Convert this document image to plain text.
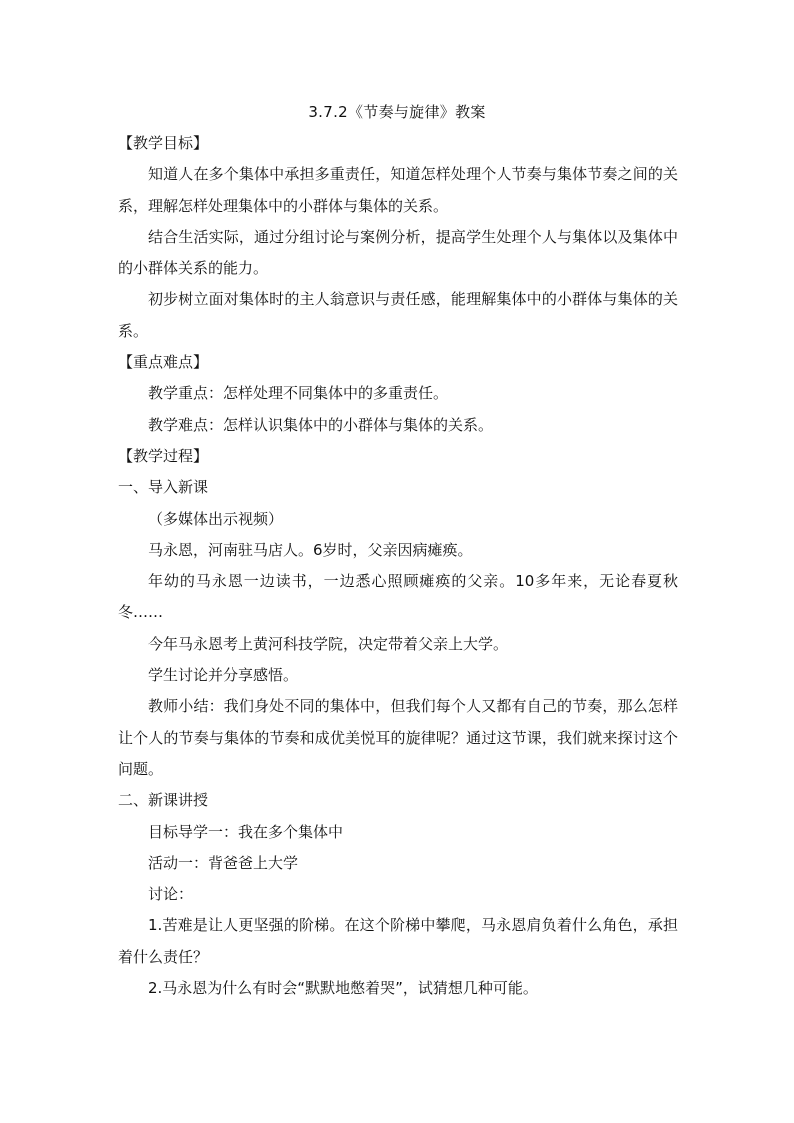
3.7.2《节奏与旋律》教案
【教学目标】

知道人在多个集体中承担多重责任，知道怎样处理个人节奏与集体节奏之间的关系，理解怎样处理集体中的小群体与集体的关系。

结合生活实际，通过分组讨论与案例分析，提高学生处理个人与集体以及集体中的小群体关系的能力。

初步树立面对集体时的主人翁意识与责任感，能理解集体中的小群体与集体的关系。

【重点难点】

教学重点：怎样处理不同集体中的多重责任。

教学难点：怎样认识集体中的小群体与集体的关系。

【教学过程】
一、导入新课

（多媒体出示视频）

马永恩，河南驻马店人。6岁时，父亲因病瘫痪。

年幼的马永恩一边读书，一边悉心照顾瘫痪的父亲。10多年来，无论春夏秋冬……

今年马永恩考上黄河科技学院，决定带着父亲上大学。

学生讨论并分享感悟。

教师小结：我们身处不同的集体中，但我们每个人又都有自己的节奏，那么怎样让个人的节奏与集体的节奏和成优美悦耳的旋律呢？通过这节课，我们就来探讨这个问题。

二、新课讲授

目标导学一：我在多个集体中

活动一：背爸爸上大学

讨论：

1.苦难是让人更坚强的阶梯。在这个阶梯中攀爬，马永恩肩负着什么角色，承担着什么责任？

2.马永恩为什么有时会“默默地憋着哭”，试猜想几种可能。
